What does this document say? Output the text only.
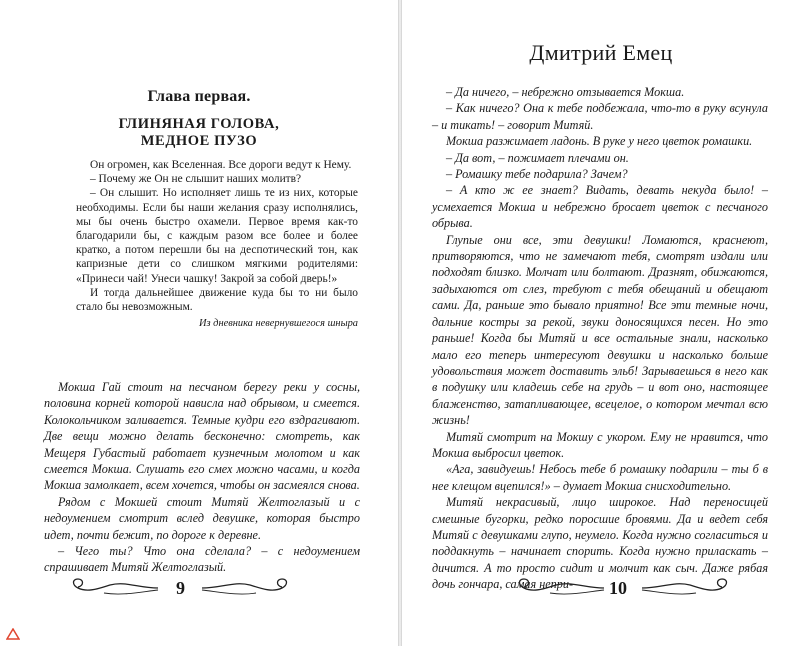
Глава первая.
ГЛИНЯНАЯ ГОЛОВА,
МЕДНОЕ ПУЗО

Он огромен, как Вселенная. Все дороги ведут к Нему.

– Почему же Он не слышит наших молитв?

– Он слышит. Но исполняет лишь те из них, которые необходимы. Если бы наши желания сразу исполнялись, мы бы очень быстро охамели. Первое время как-то благодарили бы, с каждым разом все более и более кратко, а потом перешли бы на деспотический тон, как капризные дети со слишком мягкими родителями: «Принеси чай! Унеси чашку! Закрой за собой дверь!»

И тогда дальнейшее движение куда бы то ни было стало бы невозможным.

Из дневника невернувшегося шныра

Мокша Гай стоит на песчаном берегу реки у сосны, половина корней которой нависла над обрывом, и смеется. Колокольчиком заливается. Темные кудри его вздрагивают. Две вещи можно делать бесконечно: смотреть, как Мещеря Губастый работает кузнечным молотом и как смеется Мокша. Слушать его смех можно часами, и когда Мокша замолкает, всем хочется, чтобы он засмеялся снова.

Рядом с Мокшей стоит Митяй Желтоглазый и с недоумением смотрит вслед девушке, которая быстро идет, почти бежит, по дороге к деревне.

– Чего ты? Что она сделала? – с недоумением спрашивает Митяй Желтоглазый.

9
Дмитрий Емец

– Да ничего, – небрежно отзывается Мокша.

– Как ничего? Она к тебе подбежала, что-то в руку всунула – и тикать! – говорит Митяй.

Мокша разжимает ладонь. В руке у него цветок ромашки.

– Да вот, – пожимает плечами он.

– Ромашку тебе подарила? Зачем?

– А кто ж ее знает? Видать, девать некуда было! – усмехается Мокша и небрежно бросает цветок с песчаного обрыва.

Глупые они все, эти девушки! Ломаются, краснеют, притворяются, что не замечают тебя, смотрят издали или подходят близко. Молчат или болтают. Дразнят, обижаются, задыхаются от слез, требуют с тебя обещаний и обещают сами. Да, раньше это бывало приятно! Все эти темные ночи, дальние костры за рекой, звуки доносящихся песен. Но это раньше! Когда бы Митяй и все остальные знали, насколько мало его теперь интересуют девушки и насколько больше удовольствия может доставить эльб! Зарываешься в него как в подушку или кладешь себе на грудь – и вот оно, настоящее блаженство, затапливающее, всецелое, о котором мечтал всю жизнь!

Митяй смотрит на Мокшу с укором. Ему не нравится, что Мокша выбросил цветок.

«Ага, завидуешь! Небось тебе б ромашку подарили – ты б в нее клещом вцепился!» – думает Мокша снисходительно.

Митяй некрасивый, лицо широкое. Над переносицей смешные бугорки, редко поросшие бровями. Да и ведет себя Митяй с девушками глупо, неумело. Когда нужно согласиться и поддакнуть – начинает спорить. Когда нужно приласкать – дичится. А то просто сидит и молчит как сыч. Даже рябая дочь гончара, самая непри-	10
